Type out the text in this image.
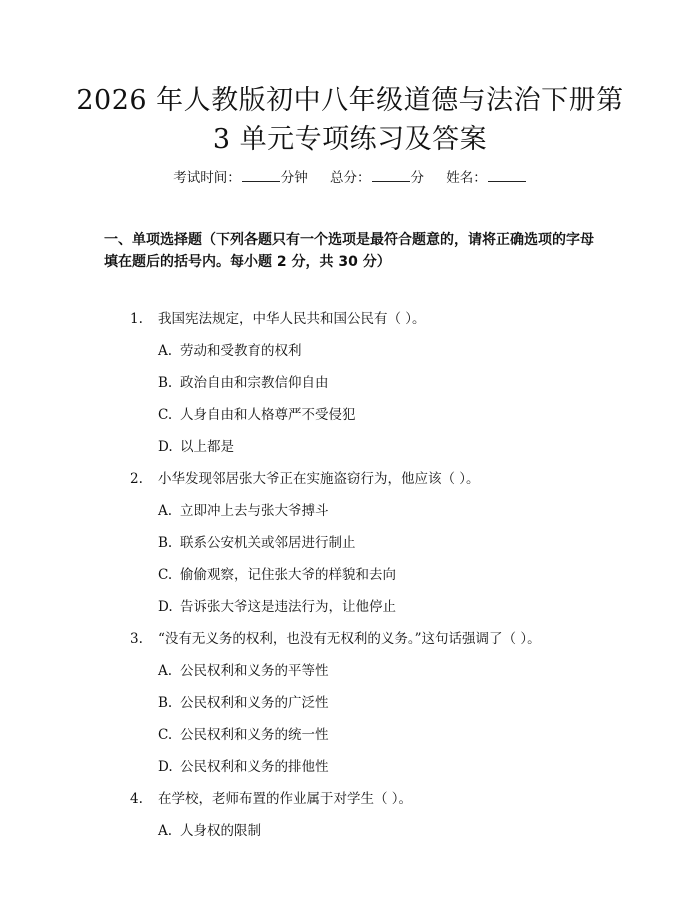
2026 年人教版初中八年级道德与法治下册第
3 单元专项练习及答案
考试时间：	分钟 总分：	分 姓名：
一、单项选择题（下列各题只有一个选项是最符合题意的，请将正确选项的字母
填在题后的括号内。每小题 2 分，共 30 分）
1. 我国宪法规定，中华人民共和国公民有（ ）。
A. 劳动和受教育的权利
B. 政治自由和宗教信仰自由
C. 人身自由和人格尊严不受侵犯
D. 以上都是
2. 小华发现邻居张大爷正在实施盗窃行为，他应该（ ）。
A. 立即冲上去与张大爷搏斗
B. 联系公安机关或邻居进行制止
C. 偷偷观察，记住张大爷的样貌和去向
D. 告诉张大爷这是违法行为，让他停止
3. “没有无义务的权利，也没有无权利的义务。”这句话强调了（ ）。
A. 公民权利和义务的平等性
B. 公民权利和义务的广泛性
C. 公民权利和义务的统一性
D. 公民权利和义务的排他性
4. 在学校，老师布置的作业属于对学生（ ）。
A. 人身权的限制
